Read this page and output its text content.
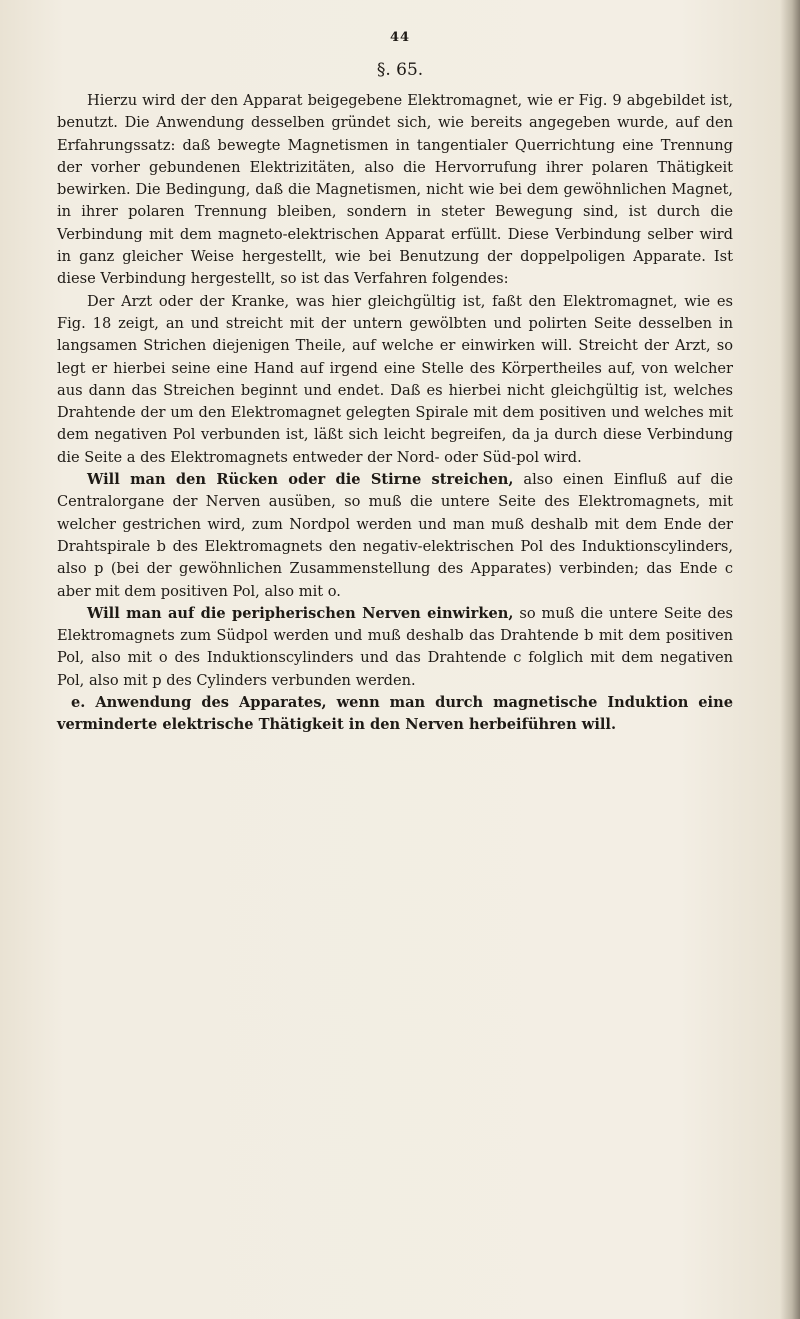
44
§. 65.

Hierzu wird der den Apparat beigegebene Elektromagnet, wie er Fig. 9 abgebildet ist, benutzt. Die Anwendung desselben gründet sich, wie bereits angegeben wurde, auf den Erfahrungssatz: daß bewegte Magnetismen in tangentialer Querrichtung eine Trennung der vorher gebundenen Elektrizitäten, also die Hervorrufung ihrer polaren Thätigkeit bewirken. Die Bedingung, daß die Magnetismen, nicht wie bei dem gewöhnlichen Magnet, in ihrer polaren Trennung bleiben, sondern in steter Bewegung sind, ist durch die Verbindung mit dem magneto-elektrischen Apparat erfüllt. Diese Verbindung selber wird in ganz gleicher Weise hergestellt, wie bei Benutzung der doppelpoligen Apparate. Ist diese Verbindung hergestellt, so ist das Verfahren folgendes:

Der Arzt oder der Kranke, was hier gleichgültig ist, faßt den Elektromagnet, wie es Fig. 18 zeigt, an und streicht mit der untern gewölbten und polirten Seite desselben in langsamen Strichen diejenigen Theile, auf welche er einwirken will. Streicht der Arzt, so legt er hierbei seine eine Hand auf irgend eine Stelle des Körpertheiles auf, von welcher aus dann das Streichen beginnt und endet. Daß es hierbei nicht gleichgültig ist, welches Drahtende der um den Elektromagnet gelegten Spirale mit dem positiven und welches mit dem negativen Pol verbunden ist, läßt sich leicht begreifen, da ja durch diese Verbindung die Seite a des Elektromagnets entweder der Nord- oder Süd-pol wird.

Will man den Rücken oder die Stirne streichen, also einen Einfluß auf die Centralorgane der Nerven ausüben, so muß die untere Seite des Elektromagnets, mit welcher gestrichen wird, zum Nordpol werden und man muß deshalb mit dem Ende der Drahtspirale b des Elektromagnets den negativ-elektrischen Pol des Induktionscylinders, also p (bei der gewöhnlichen Zusammenstellung des Apparates) verbinden; das Ende c aber mit dem positiven Pol, also mit o.

Will man auf die peripherischen Nerven einwirken, so muß die untere Seite des Elektromagnets zum Südpol werden und muß deshalb das Drahtende b mit dem positiven Pol, also mit o des Induktionscylinders und das Drahtende c folglich mit dem negativen Pol, also mit p des Cylinders verbunden werden.

e. Anwendung des Apparates, wenn man durch magnetische Induktion eine verminderte elektrische Thätigkeit in den Nerven herbeiführen will.
